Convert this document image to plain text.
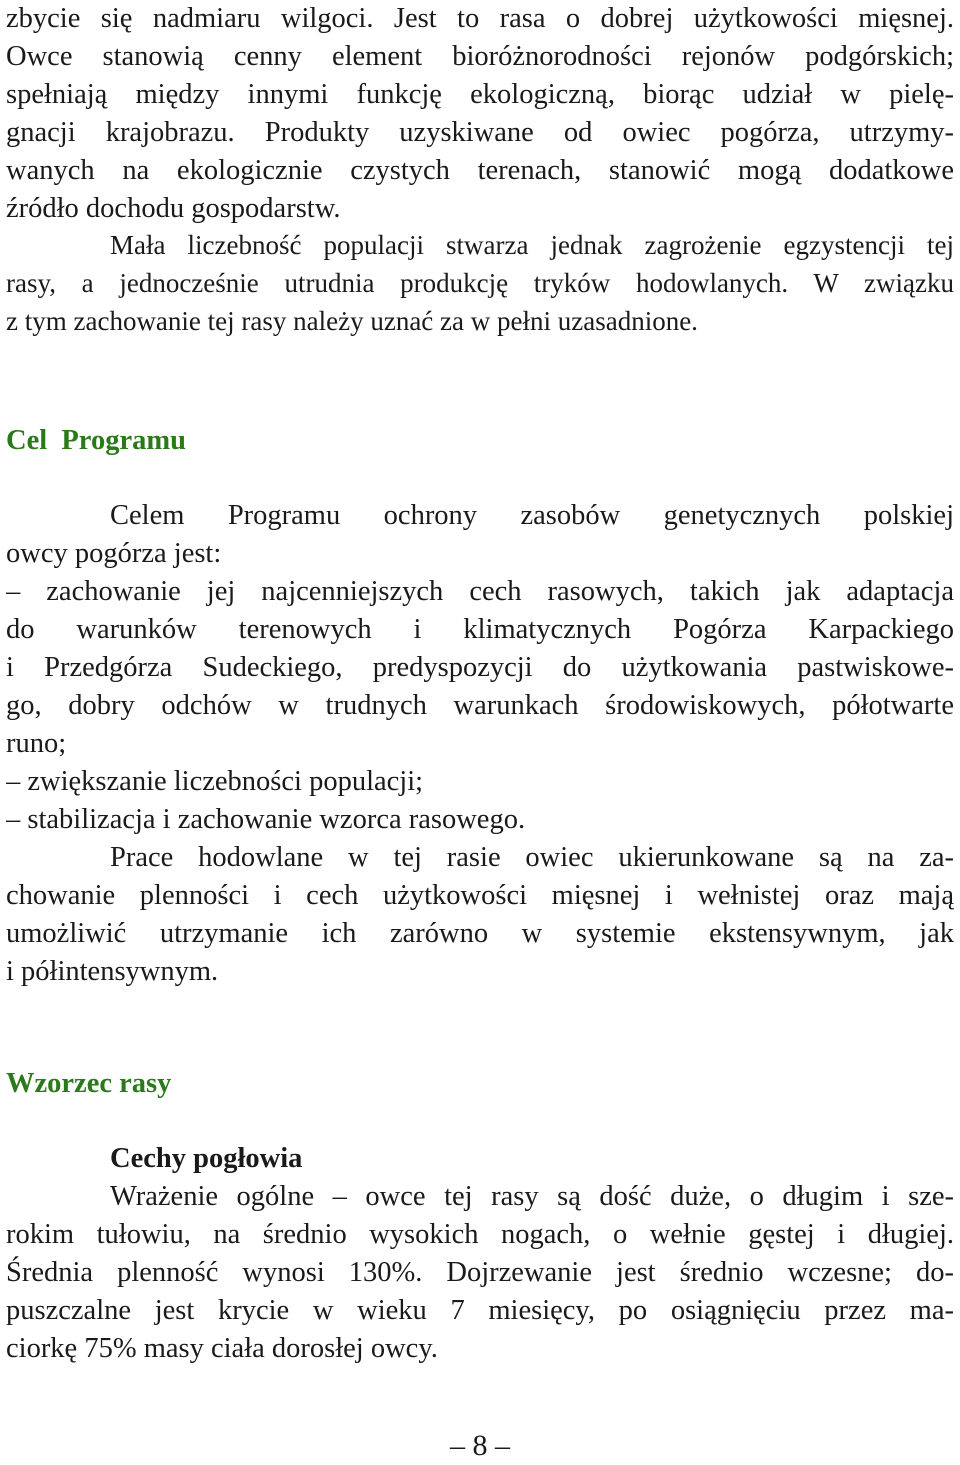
zbycie się nadmiaru wilgoci. Jest to rasa o dobrej użytkowości mięsnej.
Owce stanowią cenny element bioróżnorodności rejonów podgórskich;
spełniają między innymi funkcję ekologiczną, biorąc udział w pielę-
gnacji krajobrazu. Produkty uzyskiwane od owiec pogórza, utrzymy-
wanych na ekologicznie czystych terenach, stanowić mogą dodatkowe
źródło dochodu gospodarstw.
Mała liczebność populacji stwarza jednak zagrożenie egzystencji tej
rasy, a jednocześnie utrudnia produkcję tryków hodowlanych. W związku
z tym zachowanie tej rasy należy uznać za w pełni uzasadnione.
Cel  Programu
Celem Programu ochrony zasobów genetycznych polskiej
owcy pogórza jest:
– zachowanie jej najcenniejszych cech rasowych, takich jak adaptacja
do warunków terenowych i klimatycznych Pogórza Karpackiego
i Przedgórza Sudeckiego, predyspozycji do użytkowania pastwiskowe-
go, dobry odchów w trudnych warunkach środowiskowych, półotwarte
runo;
– zwiększanie liczebności populacji;
– stabilizacja i zachowanie wzorca rasowego.
Prace hodowlane w tej rasie owiec ukierunkowane są na za-
chowanie plenności i cech użytkowości mięsnej i wełnistej oraz mają
umożliwić utrzymanie ich zarówno w systemie ekstensywnym, jak
i półintensywnym.
Wzorzec rasy
Cechy pogłowia
Wrażenie ogólne – owce tej rasy są dość duże, o długim i sze-
rokim tułowiu, na średnio wysokich nogach, o wełnie gęstej i długiej.
Średnia plenność wynosi 130%. Dojrzewanie jest średnio wczesne; do-
puszczalne jest krycie w wieku 7 miesięcy, po osiągnięciu przez ma-
ciorkę 75% masy ciała dorosłej owcy.
– 8 –
